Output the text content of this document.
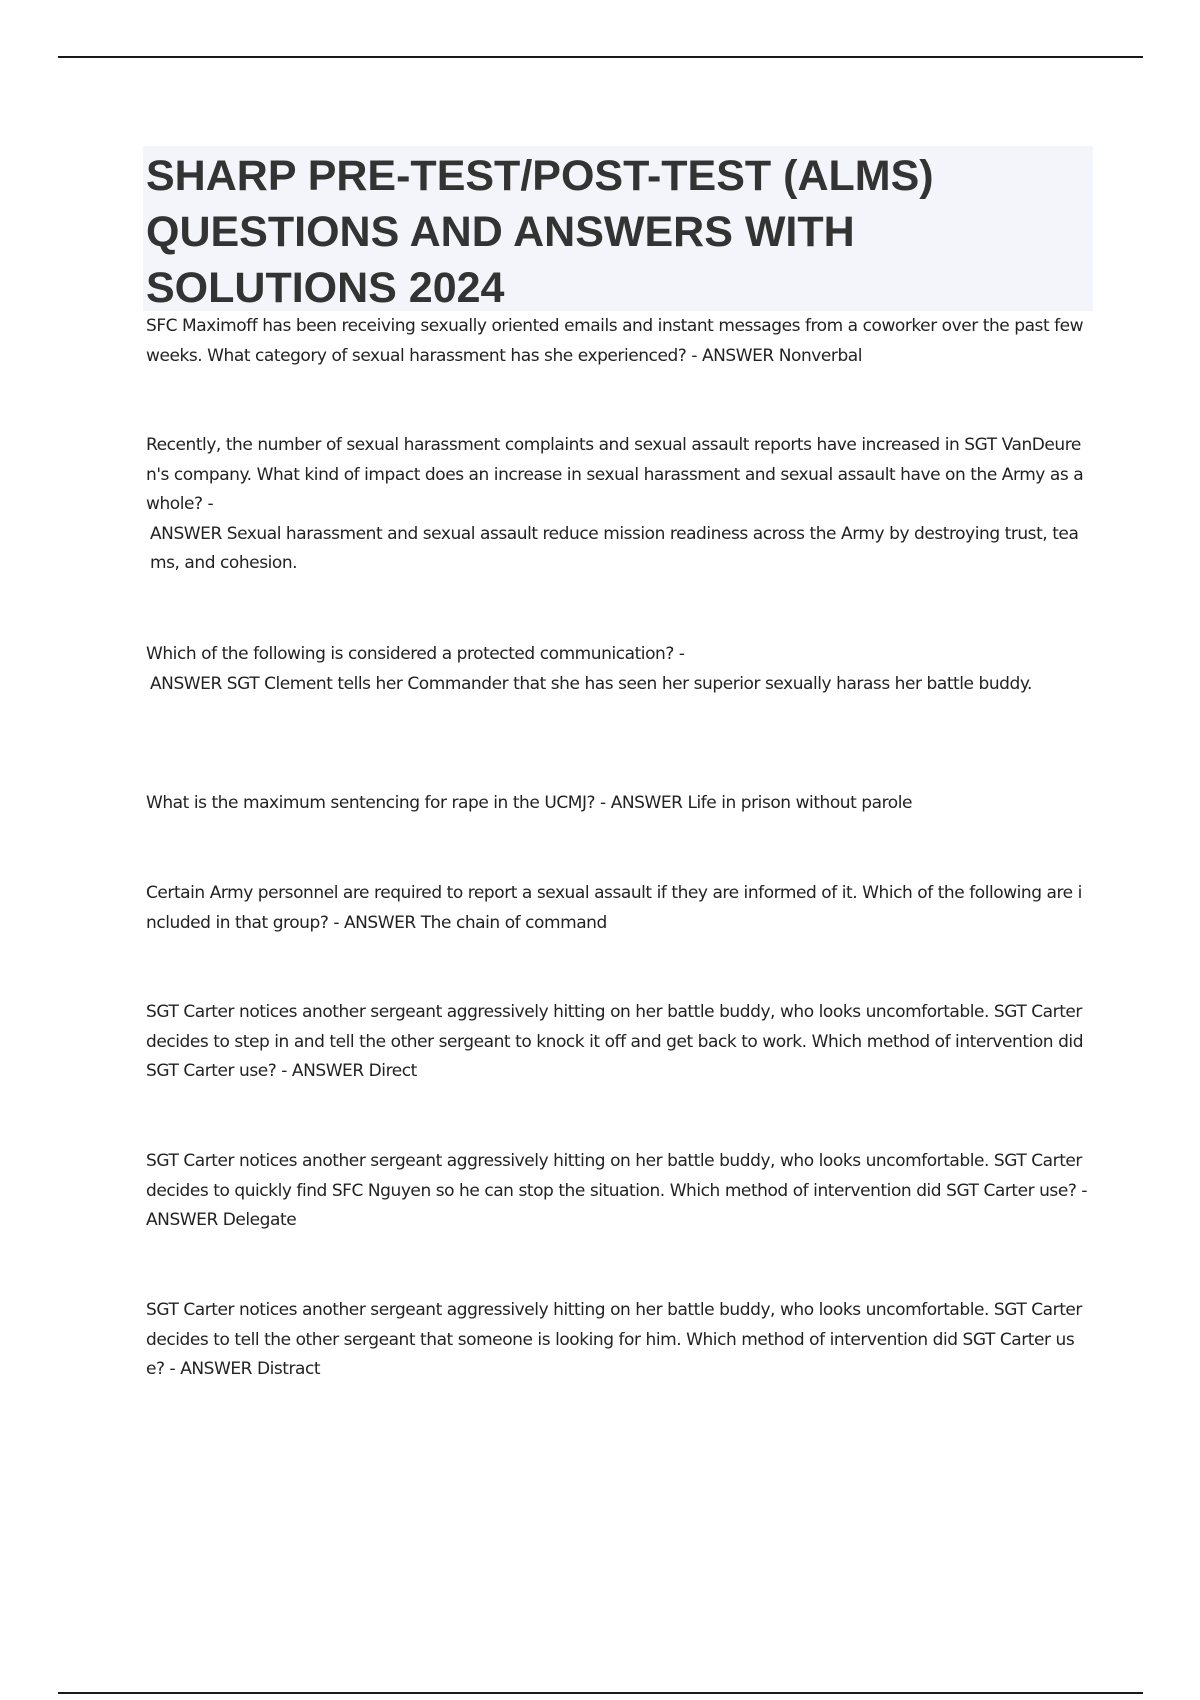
SHARP PRE-TEST/POST-TEST (ALMS) QUESTIONS AND ANSWERS WITH SOLUTIONS 2024
SFC Maximoff has been receiving sexually oriented emails and instant messages from a coworker over the past few weeks. What category of sexual harassment has she experienced? - ANSWER Nonverbal
Recently, the number of sexual harassment complaints and sexual assault reports have increased in SGT VanDeuren's company. What kind of impact does an increase in sexual harassment and sexual assault have on the Army as a whole? -
ANSWER Sexual harassment and sexual assault reduce mission readiness across the Army by destroying trust, teams, and cohesion.
Which of the following is considered a protected communication? -
ANSWER SGT Clement tells her Commander that she has seen her superior sexually harass her battle buddy.
What is the maximum sentencing for rape in the UCMJ? - ANSWER Life in prison without parole
Certain Army personnel are required to report a sexual assault if they are informed of it. Which of the following are included in that group? - ANSWER The chain of command
SGT Carter notices another sergeant aggressively hitting on her battle buddy, who looks uncomfortable. SGT Carter decides to step in and tell the other sergeant to knock it off and get back to work. Which method of intervention did SGT Carter use? - ANSWER Direct
SGT Carter notices another sergeant aggressively hitting on her battle buddy, who looks uncomfortable. SGT Carter decides to quickly find SFC Nguyen so he can stop the situation. Which method of intervention did SGT Carter use? - ANSWER Delegate
SGT Carter notices another sergeant aggressively hitting on her battle buddy, who looks uncomfortable. SGT Carter decides to tell the other sergeant that someone is looking for him. Which method of intervention did SGT Carter use? - ANSWER Distract
